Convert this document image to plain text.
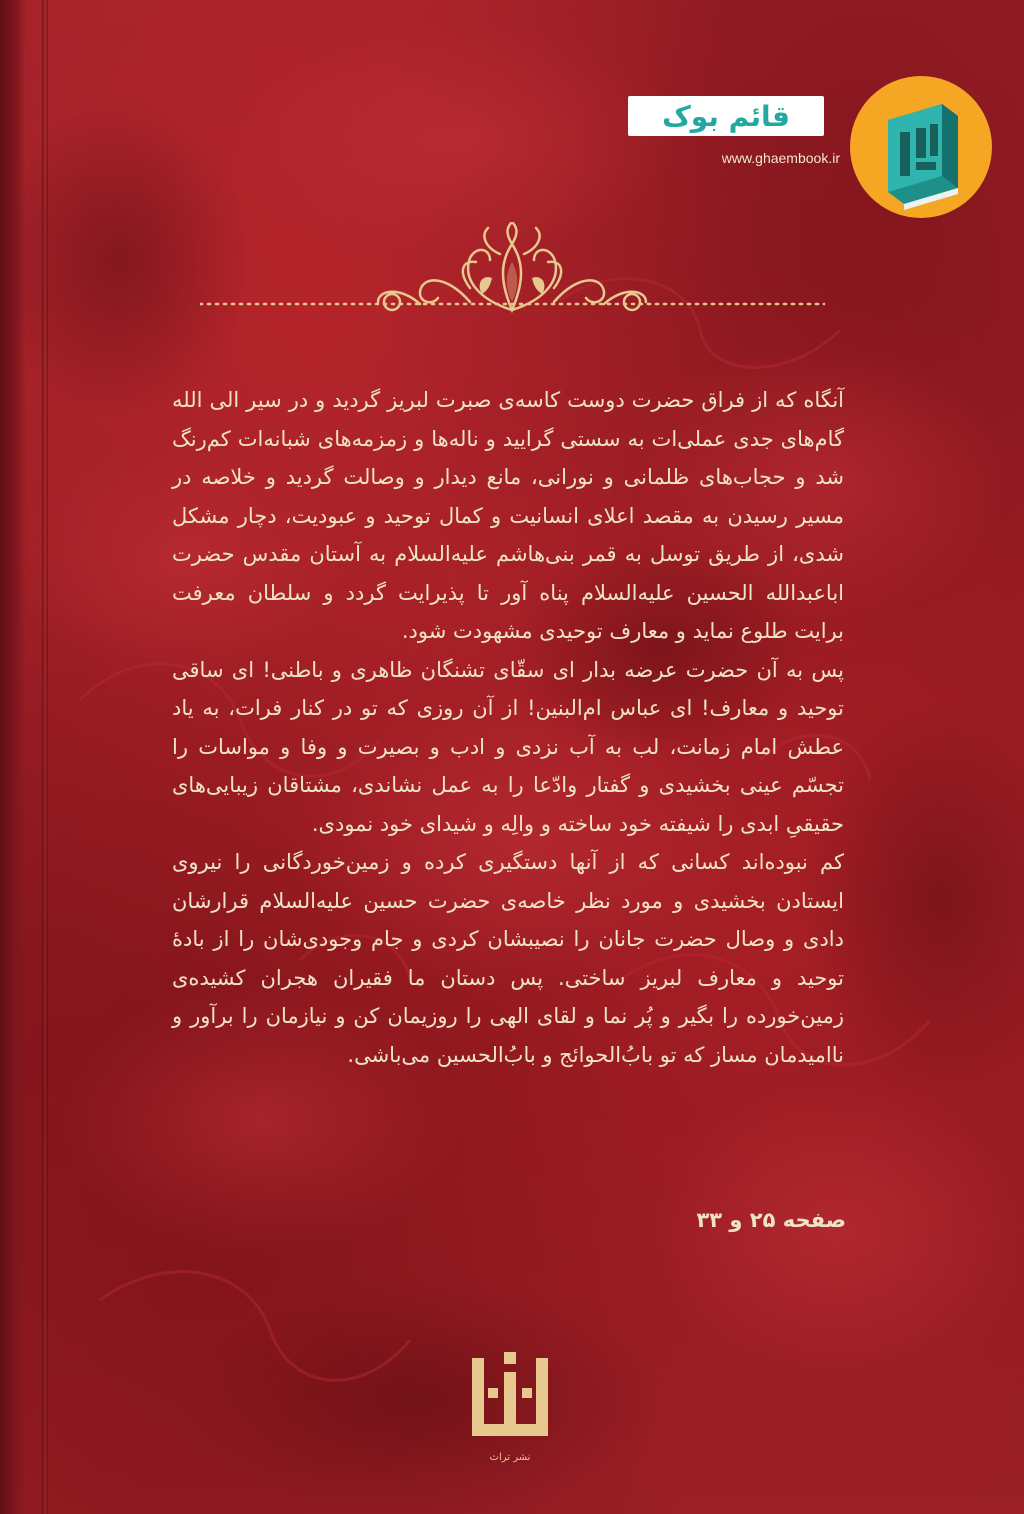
قائم بوک
www.ghaembook.ir

آنگاه که از فراق حضرت دوست کاسه‌ی صبرت لبریز گردید و در سیر الی الله گام‌های جدی عملی‌ات به سستی گرایید و ناله‌ها و زمزمه‌های شبانه‌ات کم‌رنگ شد و حجاب‌های ظلمانی و نورانی، مانع دیدار و وصالت گردید و خلاصه در مسیر رسیدن به مقصد اعلای انسانیت و کمال توحید و عبودیت، دچار مشکل شدی، از طریق توسل به قمر بنی‌هاشم علیه‌السلام به آستان مقدس حضرت اباعبدالله الحسین علیه‌السلام پناه آور تا پذیرایت گردد و سلطان معرفت برایت طلوع نماید و معارف توحیدی مشهودت شود.

پس به آن حضرت عرضه بدار ای سقّای تشنگان ظاهری و باطنی! ای ساقی توحید و معارف! ای عباس ام‌البنین! از آن روزی که تو در کنار فرات، به یاد عطش امام زمانت، لب به آب نزدی و ادب و بصیرت و وفا و مواسات را تجسّم عینی بخشیدی و گفتار وادّعا را به عمل نشاندی، مشتاقان زیبایی‌های حقیقیِ ابدی را شیفته خود ساخته و والِه و شیدای خود نمودی.

کم نبوده‌اند کسانی که از آنها دستگیری کرده و زمین‌خوردگانی را نیروی ایستادن بخشیدی و مورد نظر خاصه‌ی حضرت حسین علیه‌السلام قرارشان دادی و وصال حضرت جانان را نصیبشان کردی و جام وجودی‌شان را از بادهٔ توحید و معارف لبریز ساختی. پس دستان ما فقیران هجران کشیده‌ی زمین‌خورده را بگیر و پُر نما و لقای الهی را روزیمان کن و نیازمان را برآور و ناامیدمان مساز که تو بابُ‌الحوائج و بابُ‌الحسین می‌باشی.

صفحه ۲۵ و ۳۳
نشر تراث
